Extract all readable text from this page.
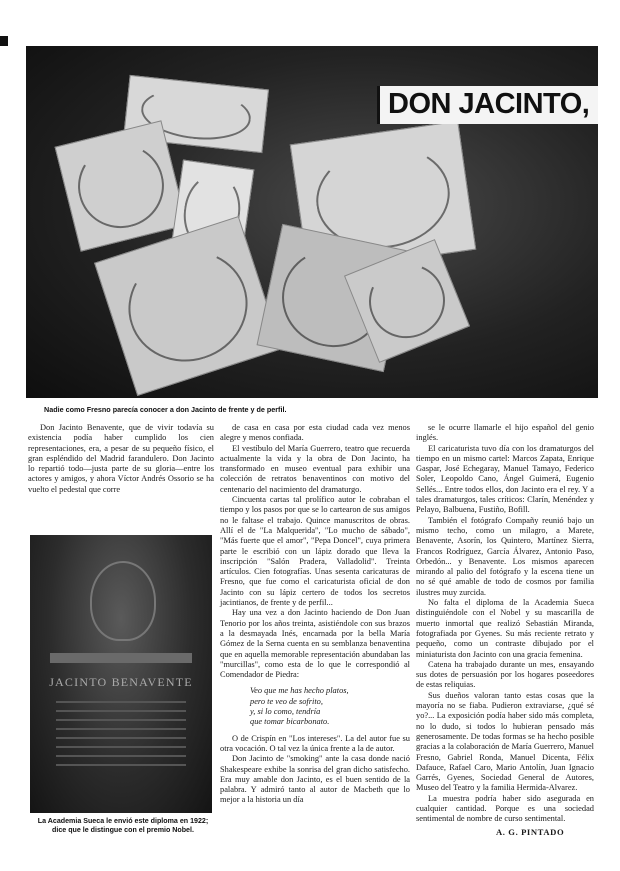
DON JACINTO,
Nadie como Fresno parecía conocer a don Jacinto de frente y de perfil.

Don Jacinto Benavente, que de vivir todavía su existencia podía haber cumplido los cien representaciones, era, a pesar de su pequeño físico, el gran espléndido del Madrid farandulero. Don Jacinto lo repartió todo—justa parte de su gloria—entre los actores y amigos, y ahora Víctor Andrés Ossorio se ha vuelto el pedestal que corre

JACINTO BENAVENTE
La Academia Sueca le envió este diploma en 1922; dice que le distingue con el premio Nobel.

de casa en casa por esta ciudad cada vez menos alegre y menos confiada.

El vestíbulo del María Guerrero, teatro que recuerda actualmente la vida y la obra de Don Jacinto, ha transformado en museo eventual para exhibir una colección de retratos benaventinos con motivo del centenario del nacimiento del dramaturgo.

Cincuenta cartas tal prolífico autor le cobraban el tiempo y los pasos por que se lo cartearon de sus amigos no le faltase el trabajo. Quince manuscritos de obras. Allí el de "La Malquerida", "Lo mucho de sábado", "Más fuerte que el amor", "Pepa Doncel", cuya primera parte le escribió con un lápiz dorado que lleva la inscripción "Salón Pradera, Valladolid". Treinta artículos. Cien fotografías. Unas sesenta caricaturas de Fresno, que fue como el caricaturista oficial de don Jacinto con su lápiz certero de todos los secretos jacintianos, de frente y de perfil...

Hay una vez a don Jacinto haciendo de Don Juan Tenorio por los años treinta, asistiéndole con sus brazos a la desmayada Inés, encarnada por la bella María Gómez de la Serna cuenta en su semblanza benaventina que en aquella memorable representación abundaban las "murcillas", como esta de lo que le correspondió al Comendador de Piedra:

Veo que me has hecho platos,
pero te veo de sofrito,
y, si lo como, tendría
que tomar bicarbonato.

O de Crispín en "Los intereses". La del autor fue su otra vocación. O tal vez la única frente a la de autor.

Don Jacinto de "smoking" ante la casa donde nació Shakespeare exhibe la sonrisa del gran dicho satisfecho. Era muy amable don Jacinto, es el buen sentido de la palabra. Y admiró tanto al autor de Macbeth que lo mejor a la historia un día

se le ocurre llamarle el hijo español del genio inglés.

El caricaturista tuvo día con los dramaturgos del tiempo en un mismo cartel: Marcos Zapata, Enrique Gaspar, José Echegaray, Manuel Tamayo, Federico Soler, Leopoldo Cano, Ángel Guimerá, Eugenio Sellés... Entre todos ellos, don Jacinto era el rey. Y a tales dramaturgos, tales críticos: Clarín, Menéndez y Pelayo, Balbuena, Fustiño, Bofill.

También el fotógrafo Compañy reunió bajo un mismo techo, como un milagro, a Marete, Benavente, Asorín, los Quintero, Martínez Sierra, Francos Rodríguez, García Álvarez, Antonio Paso, Orbedón... y Benavente. Los mismos aparecen mirando al palio del fotógrafo y la escena tiene un no sé qué amable de todo de cosmos por familia ilustres muy zurcida.

No falta el diploma de la Academia Sueca distinguiéndole con el Nobel y su mascarilla de muerto inmortal que realizó Sebastián Miranda, fotografiada por Gyenes. Su más reciente retrato y pequeño, como un contraste dibujado por el miniaturista don Jacinto con una gracia femenina.

Catena ha trabajado durante un mes, ensayando sus dotes de persuasión por los hogares poseedores de estas reliquias.

Sus dueños valoran tanto estas cosas que la mayoría no se fiaba. Pudieron extraviarse, ¿qué sé yo?... La exposición podía haber sido más completa, no lo dudo, si todos lo hubieran pensado más generosamente. De todas formas se ha hecho posible gracias a la colaboración de María Guerrero, Manuel Fresno, Gabriel Ronda, Manuel Dicenta, Félix Dafauce, Rafael Caro, Mario Antolín, Juan Ignacio Garrés, Gyenes, Sociedad General de Autores, Museo del Teatro y la familia Hermida-Alvarez.

La muestra podría haber sido asegurada en cualquier cantidad. Porque es una sociedad sentimental de nombre de curso sentimental.

A. G. PINTADO
